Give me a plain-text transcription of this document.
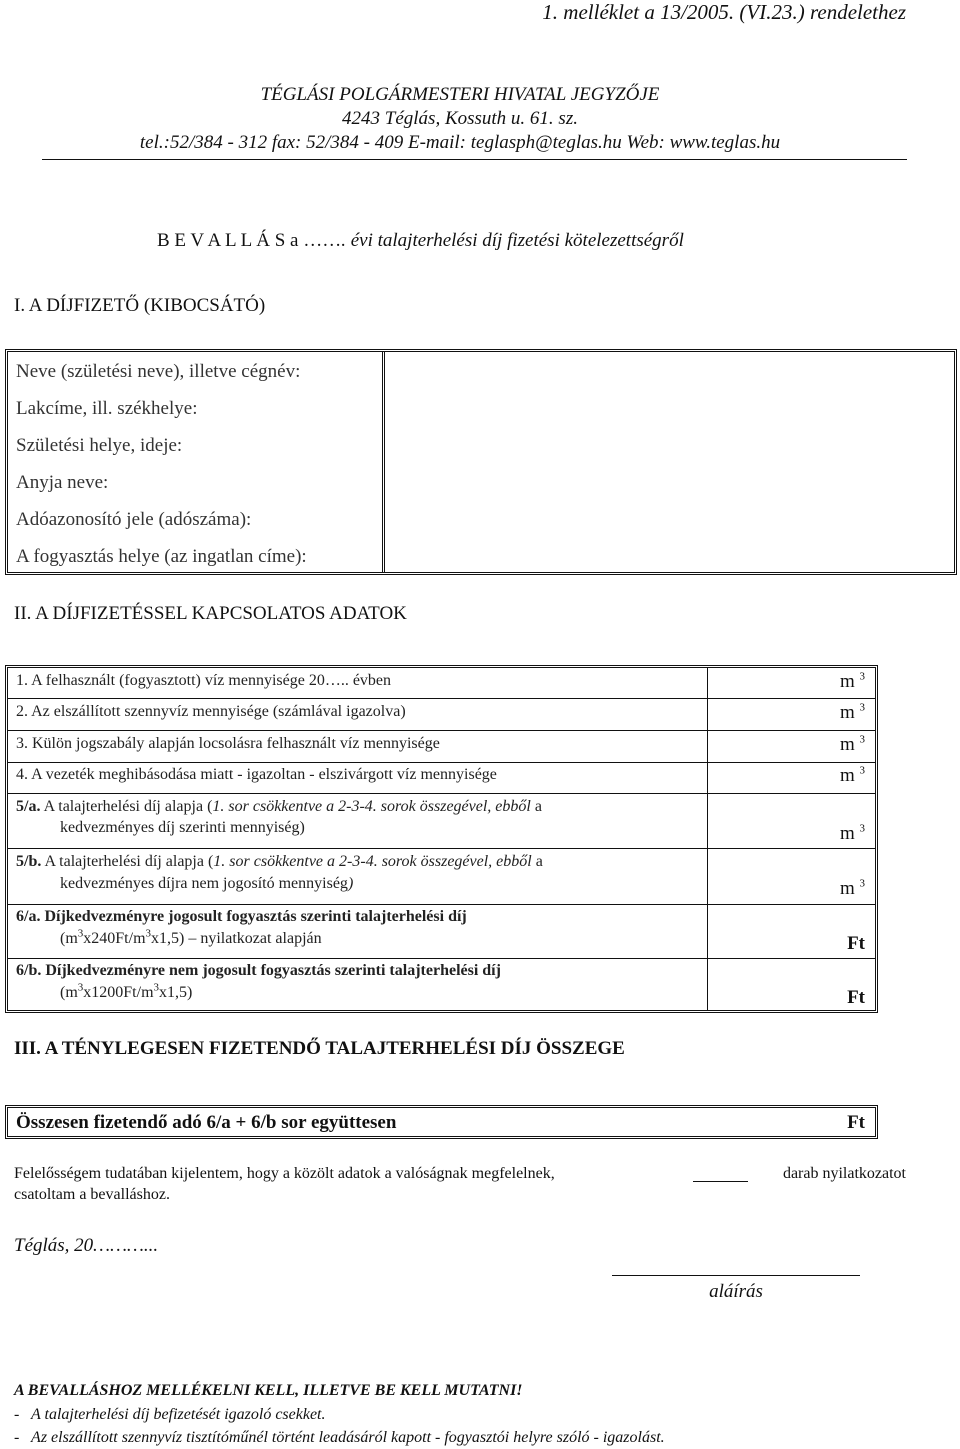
1. melléklet a 13/2005. (VI.23.) rendelethez
TÉGLÁSI POLGÁRMESTERI HIVATAL JEGYZŐJE
4243 Téglás, Kossuth u. 61. sz.
tel.:52/384 - 312 fax: 52/384 - 409 E-mail: teglasph@teglas.hu Web: www.teglas.hu
B E V A L L Á S a ……. évi talajterhelési díj fizetési kötelezettségről
I. A DÍJFIZETŐ (KIBOCSÁTÓ)
Neve (születési neve), illetve cégnév:
Lakcíme, ill. székhelye:
Születési helye, ideje:
Anyja neve:
Adóazonosító jele (adószáma):
A fogyasztás helye (az ingatlan címe):
II. A DÍJFIZETÉSSEL KAPCSOLATOS ADATOK
1. A felhasznált (fogyasztott) víz mennyisége 20….. évben	m $^3$
2. Az elszállított szennyvíz mennyisége (számlával igazolva)	m $^3$
3. Külön jogszabály alapján locsolásra felhasznált víz mennyisége	m $^3$
4. A vezeték meghibásodása miatt - igazoltan - elszivárgott víz mennyisége	m $^3$
5/a. A talajterhelési díj alapja (1. sor csökkentve a 2-3-4. sorok összegével, ebből a
kedvezményes díj szerinti mennyiség)	m $^3$
5/b. A talajterhelési díj alapja (1. sor csökkentve a 2-3-4. sorok összegével, ebből a
kedvezményes díjra nem jogosító mennyiség)	m $^3$
6/a. Díjkedvezményre jogosult fogyasztás szerinti talajterhelési díj
$(m^3x240Ft/m^3x1,5)$ – nyilatkozat alapján	Ft
6/b. Díjkedvezményre nem jogosult fogyasztás szerinti talajterhelési díj
$(m^3x1200Ft/m^3x1,5)$	Ft
III. A TÉNYLEGESEN FIZETENDŐ TALAJTERHELÉSI DÍJ ÖSSZEGE
Összesen fizetendő adó 6/a + 6/b sor együttesen	Ft
Felelősségem tudatában kijelentem, hogy a közölt adatok a valóságnak megfelelnek,	darab nyilatkozatot
csatoltam a bevalláshoz.
Téglás, 20………...
aláírás
A BEVALLÁSHOZ MELLÉKELNI KELL, ILLETVE BE KELL MUTATNI!
-   A talajterhelési díj befizetését igazoló csekket.
-   Az elszállított szennyvíz tisztítóműnél történt leadásáról kapott - fogyasztói helyre szóló - igazolást.
